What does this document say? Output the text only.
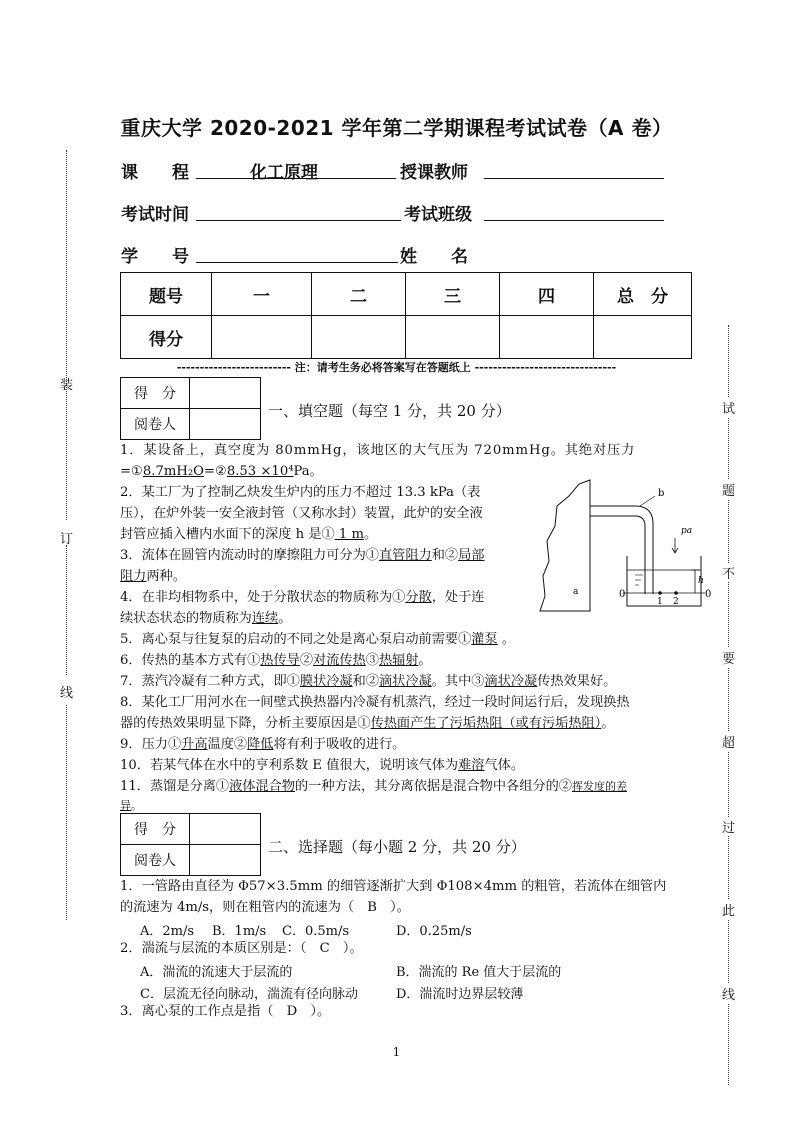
重庆大学 2020-2021 学年第二学期课程考试试卷（A 卷）
课　　程	化工原理	授课教师
考试时间	考试班级
学　　号	姓　　名
题号	一	二	三	四	总　分
得分					
------------------------- 注：请考生务必将答案写在答题纸上 -------------------------------
得　分	
阅卷人	
一、填空题（每空 1 分，共 20 分）
1．某设备上，真空度为 80mmHg，该地区的大气压为 720mmHg。其绝对压力
=①8.7mH₂O=②8.53 ×10⁴Pa。
2．某工厂为了控制乙炔发生炉内的压力不超过 13.3 kPa（表
压），在炉外装一安全液封管（又称水封）装置，此炉的安全液
封管应插入槽内水面下的深度 h 是① 1 m。
3．流体在圆管内流动时的摩擦阻力可分为①直管阻力和②局部
阻力两种。
4．在非均相物系中，处于分散状态的物质称为①分散，处于连
续状态状态的物质称为连续。
5．离心泵与往复泵的启动的不同之处是离心泵启动前需要①灌泵 。
6．传热的基本方式有①热传导②对流传热③热辐射。
7．蒸汽冷凝有二种方式，即①膜状冷凝和②滴状冷凝。其中③滴状冷凝传热效果好。
8．某化工厂用河水在一间壁式换热器内冷凝有机蒸汽，经过一段时间运行后，发现换热
器的传热效果明显下降，分析主要原因是①传热面产生了污垢热阻（或有污垢热阻）。
9．压力①升高温度②降低将有利于吸收的进行。
10．若某气体在水中的亨利系数 E 值很大，说明该气体为难溶气体。
11．蒸馏是分离①液体混合物的一种方法，其分离依据是混合物中各组分的②挥发度的差
异。
b
pa
h
a	0	0
1 2
得　分	
阅卷人	
二、选择题（每小题 2 分，共 20 分）
1．一管路由直径为 Φ57×3.5mm 的细管逐渐扩大到 Φ108×4mm 的粗管，若流体在细管内
的流速为 4m/s，则在粗管内的流速为（　B　）。
A．2m/s B．1m/s C．0.5m/s	D．0.25m/s
2．湍流与层流的本质区别是：（　C　）。
A．湍流的流速大于层流的	B．湍流的 Re 值大于层流的
C．层流无径向脉动，湍流有径向脉动	D．湍流时边界层较薄
3．离心泵的工作点是指（　D　）。
1
装
订
线
试
题
不
要
超
过
此
线
